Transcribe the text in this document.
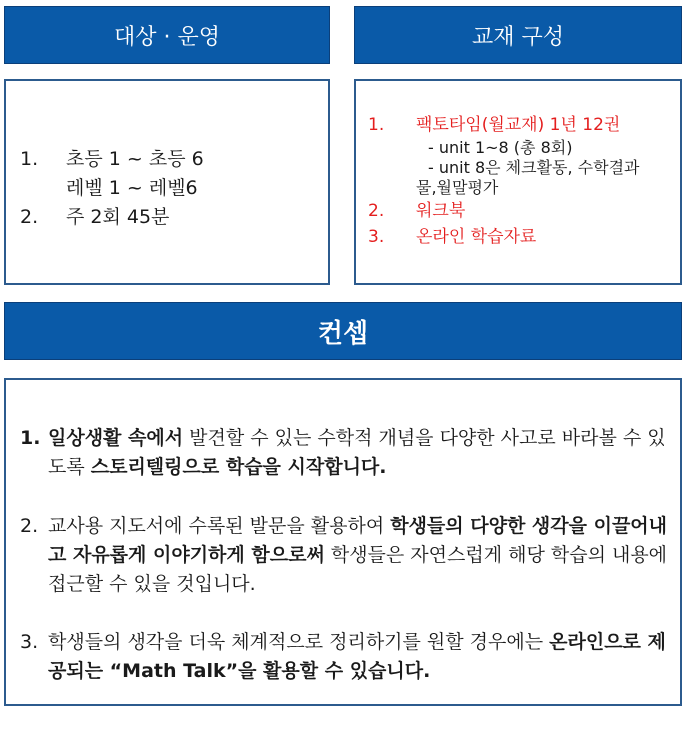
대상 · 운영	교재 구성
1.	초등 1 ~ 초등 6
레벨 1 ~ 레벨6
2.	주 2회 45분
1.	팩토타임(월교재) 1년 12권
- unit 1~8 (총 8회)
- unit 8은 체크활동, 수학결과
물,월말평가
2.	워크북
3.	온라인 학습자료
컨셉
1. 일상생활 속에서 발견할 수 있는 수학적 개념을 다양한 사고로 바라볼 수 있도록 스토리텔링으로 학습을 시작합니다.
2. 교사용 지도서에 수록된 발문을 활용하여 학생들의 다양한 생각을 이끌어내고 자유롭게 이야기하게 함으로써 학생들은 자연스럽게 해당 학습의 내용에 접근할 수 있을 것입니다.
3. 학생들의 생각을 더욱 체계적으로 정리하기를 원할 경우에는 온라인으로 제공되는 “Math Talk”을 활용할 수 있습니다.
